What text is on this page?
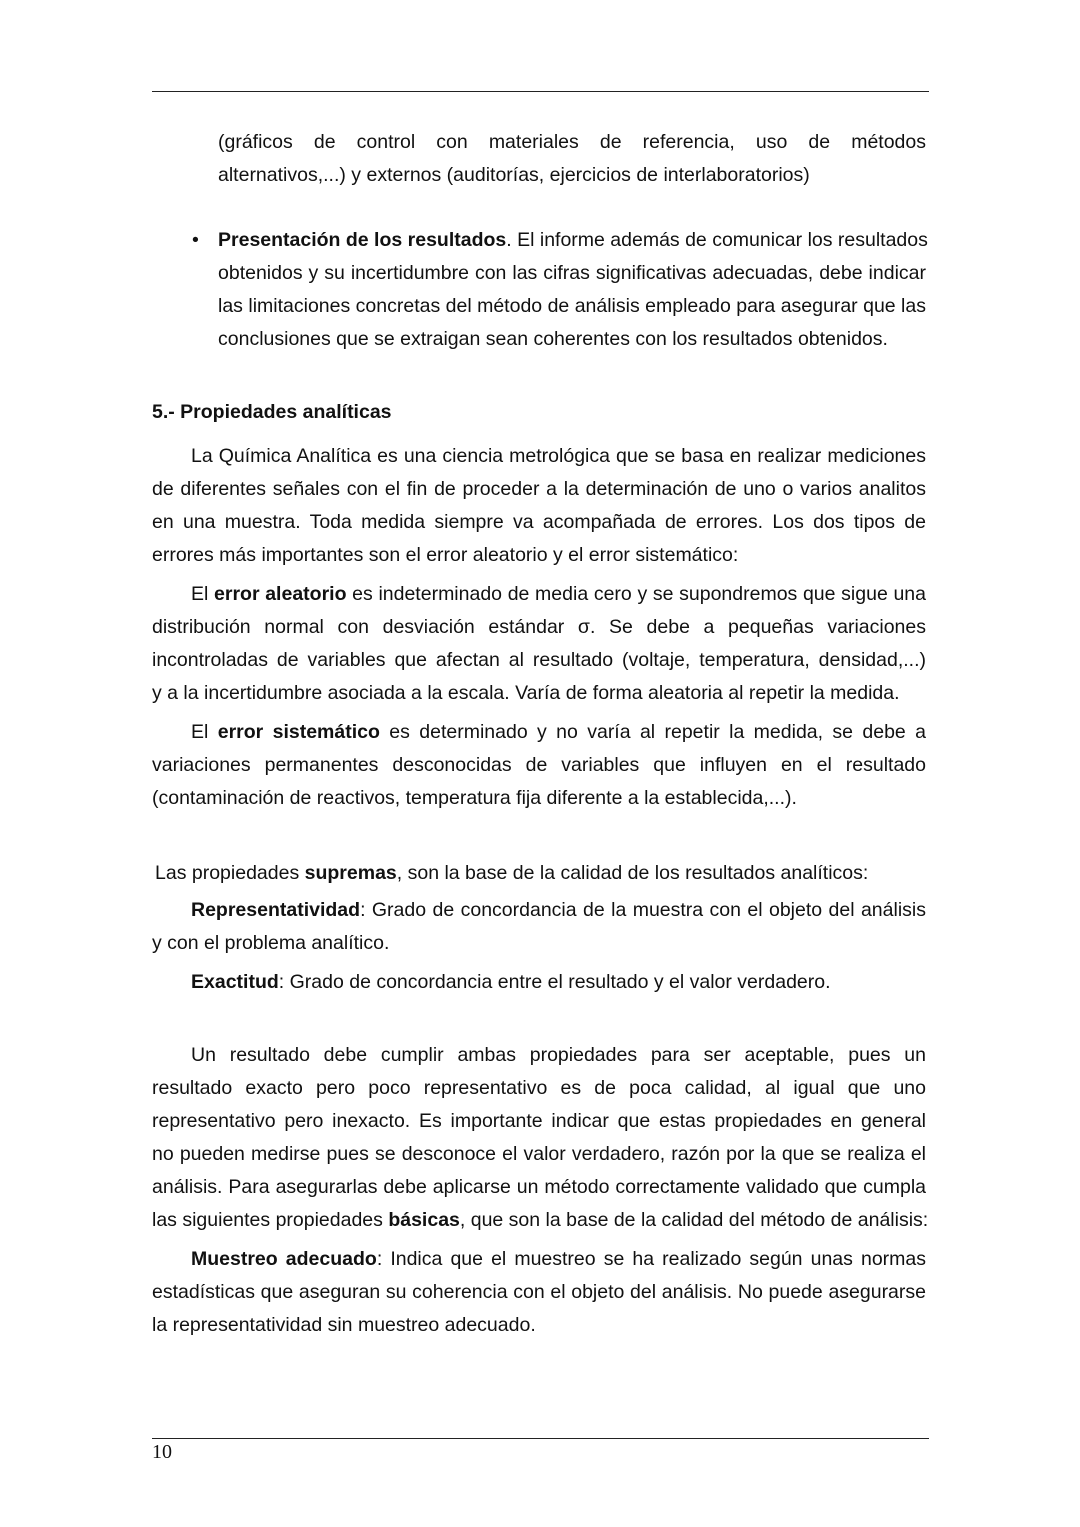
(gráficos de control con materiales de referencia, uso de métodos
alternativos,...) y externos (auditorías, ejercicios de interlaboratorios)
• Presentación de los resultados. El informe además de comunicar los resultados
obtenidos y su incertidumbre con las cifras significativas adecuadas, debe indicar
las limitaciones concretas del método de análisis empleado para asegurar que las
conclusiones que se extraigan sean coherentes con los resultados obtenidos.
5.- Propiedades analíticas
La Química Analítica es una ciencia metrológica que se basa en realizar mediciones
de diferentes señales con el fin de proceder a la determinación de uno o varios analitos
en una muestra. Toda medida siempre va acompañada de errores. Los dos tipos de
errores más importantes son el error aleatorio y el error sistemático:
El error aleatorio es indeterminado de media cero y se supondremos que sigue una
distribución normal con desviación estándar σ. Se debe a pequeñas variaciones
incontroladas de variables que afectan al resultado (voltaje, temperatura, densidad,...)
y a la incertidumbre asociada a la escala. Varía de forma aleatoria al repetir la medida.
El error sistemático es determinado y no varía al repetir la medida, se debe a
variaciones permanentes desconocidas de variables que influyen en el resultado
(contaminación de reactivos, temperatura fija diferente a la establecida,...).
Las propiedades supremas, son la base de la calidad de los resultados analíticos:
Representatividad: Grado de concordancia de la muestra con el objeto del análisis
y con el problema analítico.
Exactitud: Grado de concordancia entre el resultado y el valor verdadero.
Un resultado debe cumplir ambas propiedades para ser aceptable, pues un
resultado exacto pero poco representativo es de poca calidad, al igual que uno
representativo pero inexacto. Es importante indicar que estas propiedades en general
no pueden medirse pues se desconoce el valor verdadero, razón por la que se realiza el
análisis. Para asegurarlas debe aplicarse un método correctamente validado que cumpla
las siguientes propiedades básicas, que son la base de la calidad del método de análisis:
Muestreo adecuado: Indica que el muestreo se ha realizado según unas normas
estadísticas que aseguran su coherencia con el objeto del análisis. No puede asegurarse
la representatividad sin muestreo adecuado.
10
